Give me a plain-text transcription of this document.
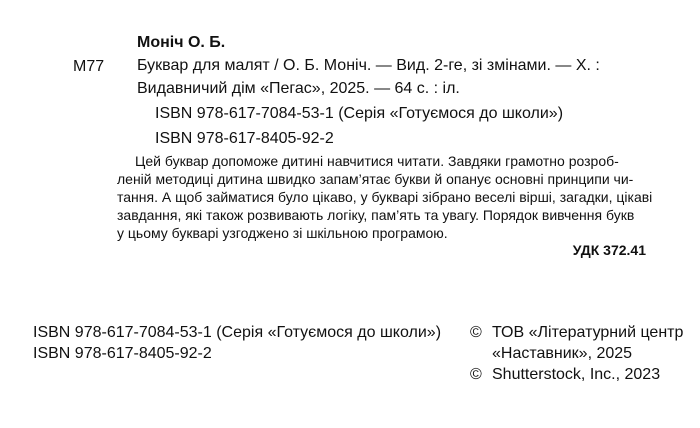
Моніч О. Б.
М77 Буквар для малят / О. Б. Моніч. — Вид. 2-ге, зі змінами. — Х. :
Видавничий дім «Пегас», 2025. — 64 с. : іл.
ISBN 978-617-7084-53-1 (Серія «Готуємося до школи»)
ISBN 978-617-8405-92-2
Цей буквар допоможе дитині навчитися читати. Завдяки грамотно розроб-
леній методиці дитина швидко запам’ятає букви й опанує основні принципи чи-
тання. А щоб займатися було цікаво, у букварі зібрано веселі вірші, загадки, цікаві
завдання, які також розвивають логіку, пам’ять та увагу. Порядок вивчення букв
у цьому букварі узгоджено зі шкільною програмою.
УДК 372.41
ISBN 978-617-7084-53-1 (Серія «Готуємося до школи»)
ISBN 978-617-8405-92-2
© ТОВ «Літературний центр
«Наставник», 2025
© Shutterstock, Inc., 2023
